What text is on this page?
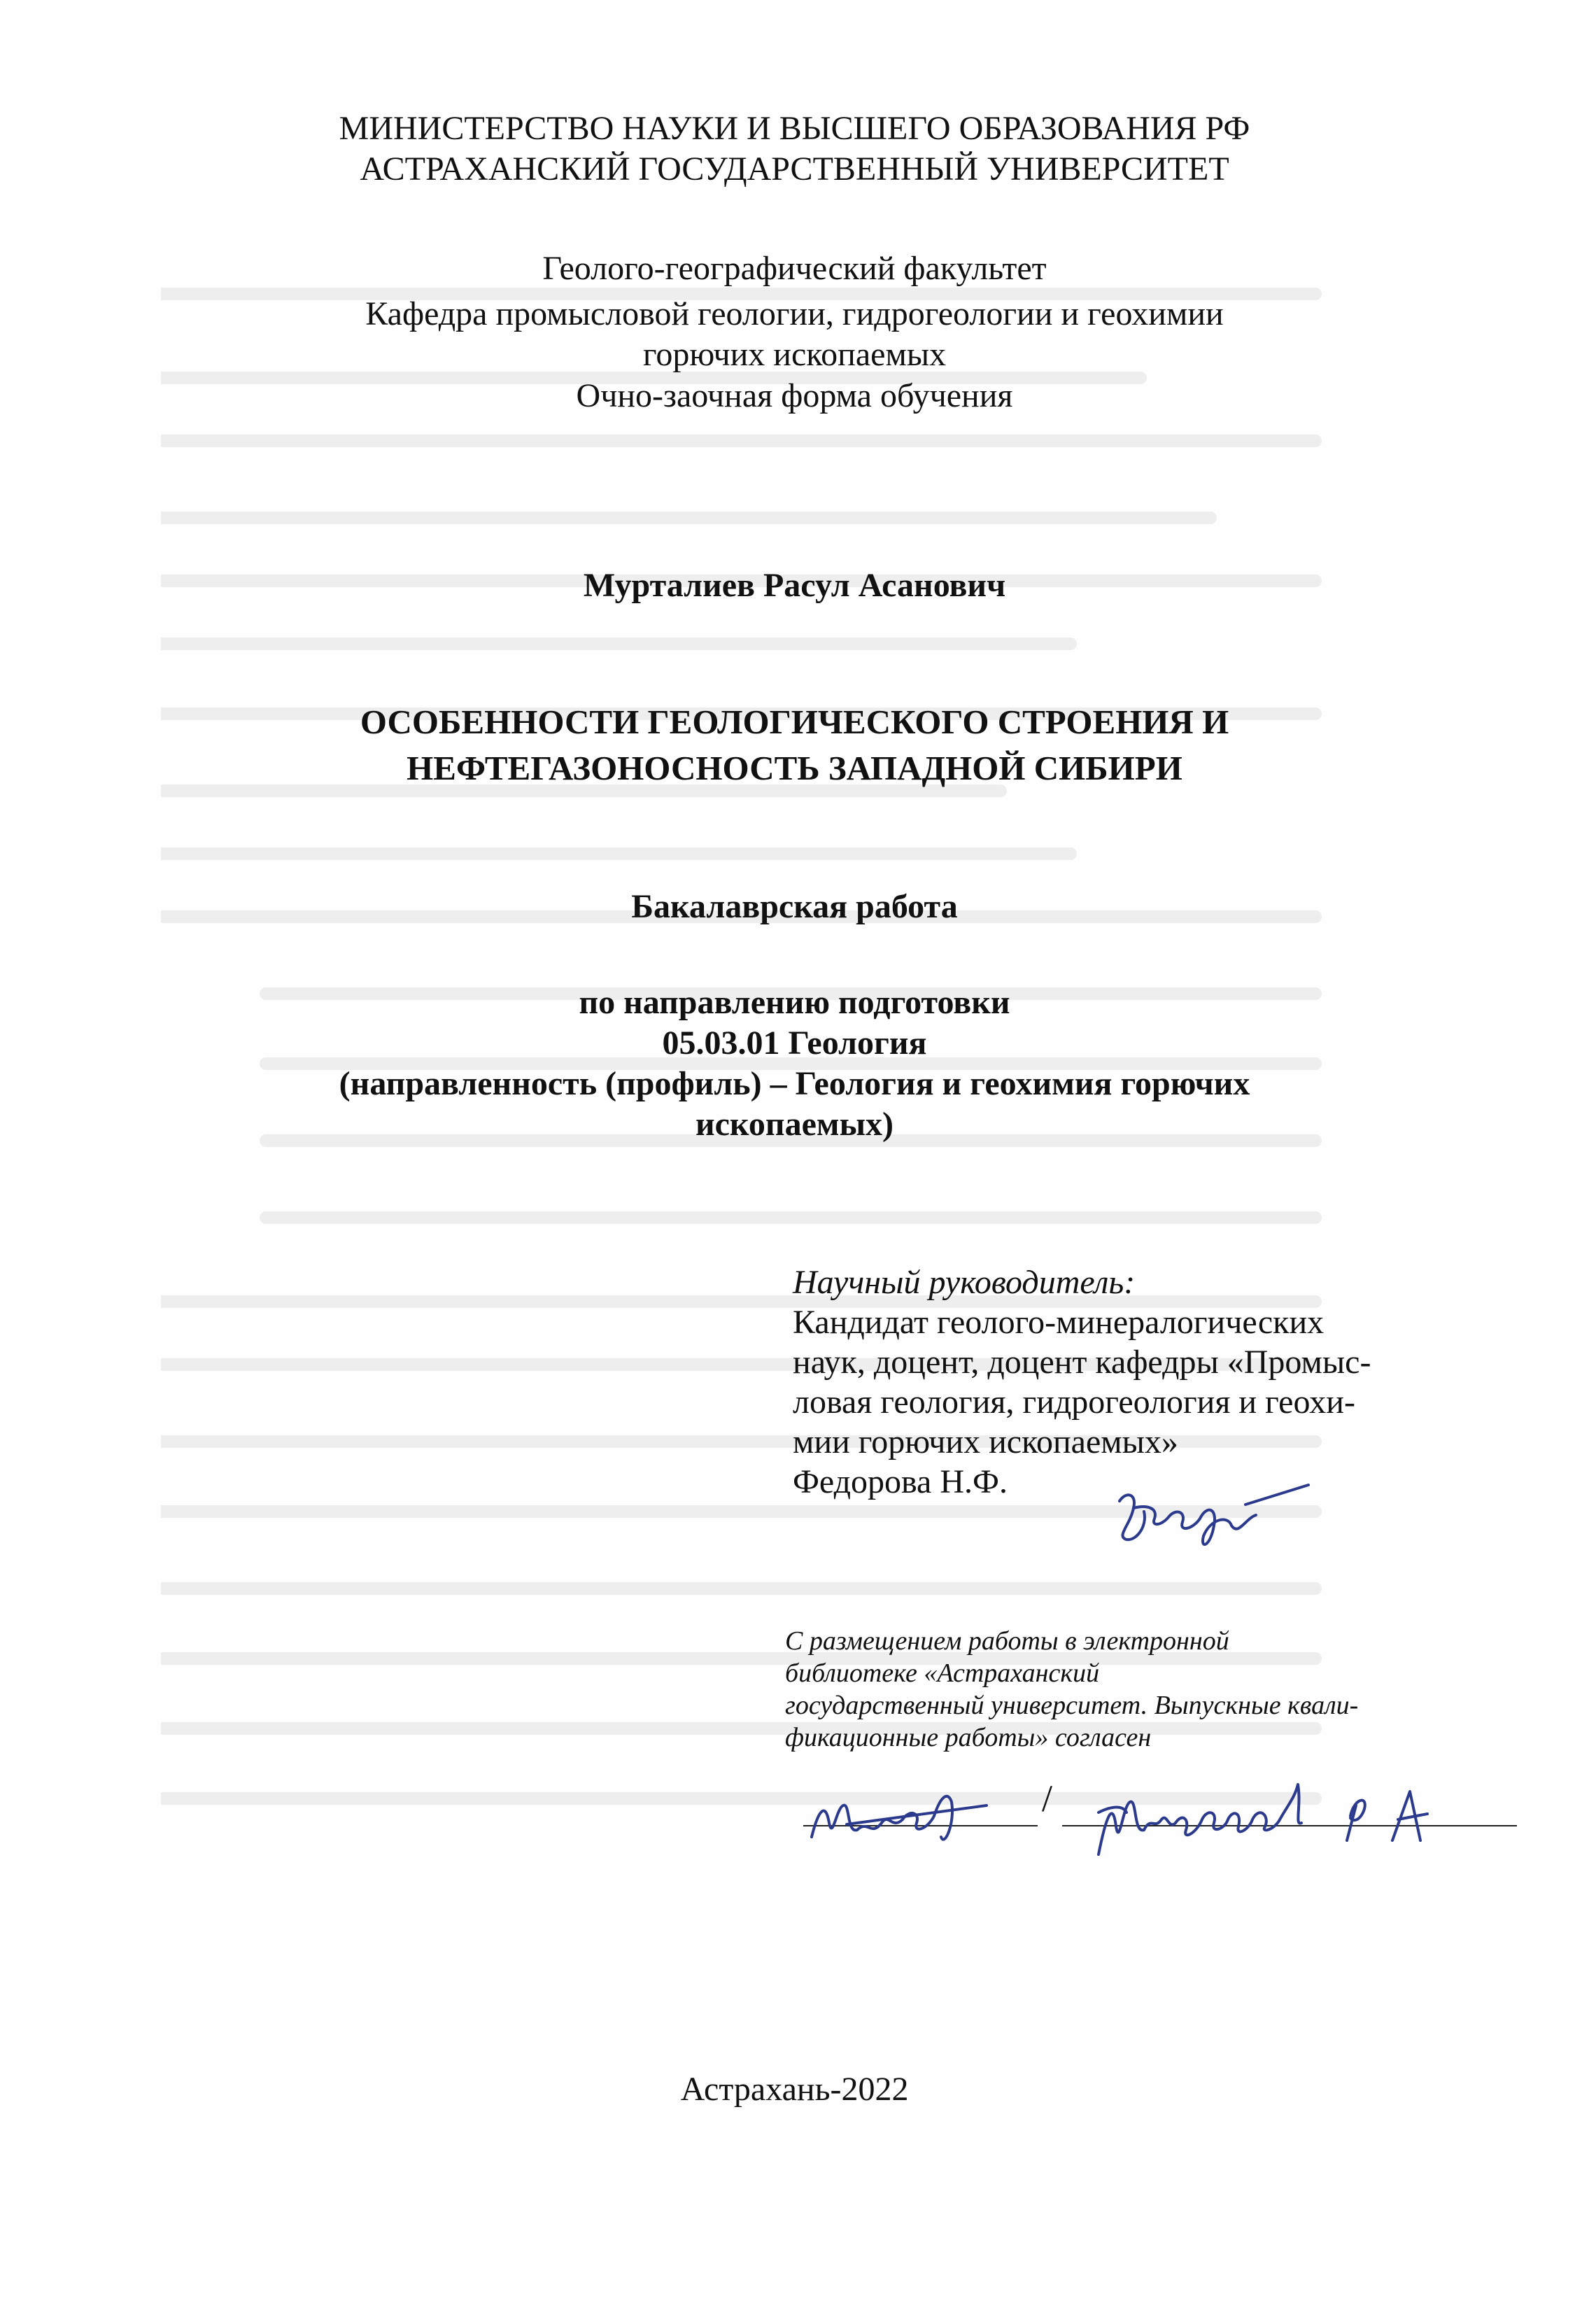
МИНИСТЕРСТВО НАУКИ И ВЫСШЕГО ОБРАЗОВАНИЯ РФ
АСТРАХАНСКИЙ ГОСУДАРСТВЕННЫЙ УНИВЕРСИТЕТ
Геолого-географический факультет
Кафедра промысловой геологии, гидрогеологии и геохимии
горючих ископаемых
Очно-заочная форма обучения
Мурталиев Расул Асанович
ОСОБЕННОСТИ ГЕОЛОГИЧЕСКОГО СТРОЕНИЯ И
НЕФТЕГАЗОНОСНОСТЬ ЗАПАДНОЙ СИБИРИ
Бакалаврская работа
по направлению подготовки
05.03.01 Геология
(направленность (профиль) – Геология и геохимия горючих
ископаемых)
Научный руководитель:
Кандидат геолого-минералогических
наук, доцент, доцент кафедры «Промыс-
ловая геология, гидрогеология и геохи-
мии горючих ископаемых»
Федорова Н.Ф.
С размещением работы в электронной
библиотеке «Астраханский
государственный университет. Выпускные квали-
фикационные работы» согласен
/
Астрахань-2022
